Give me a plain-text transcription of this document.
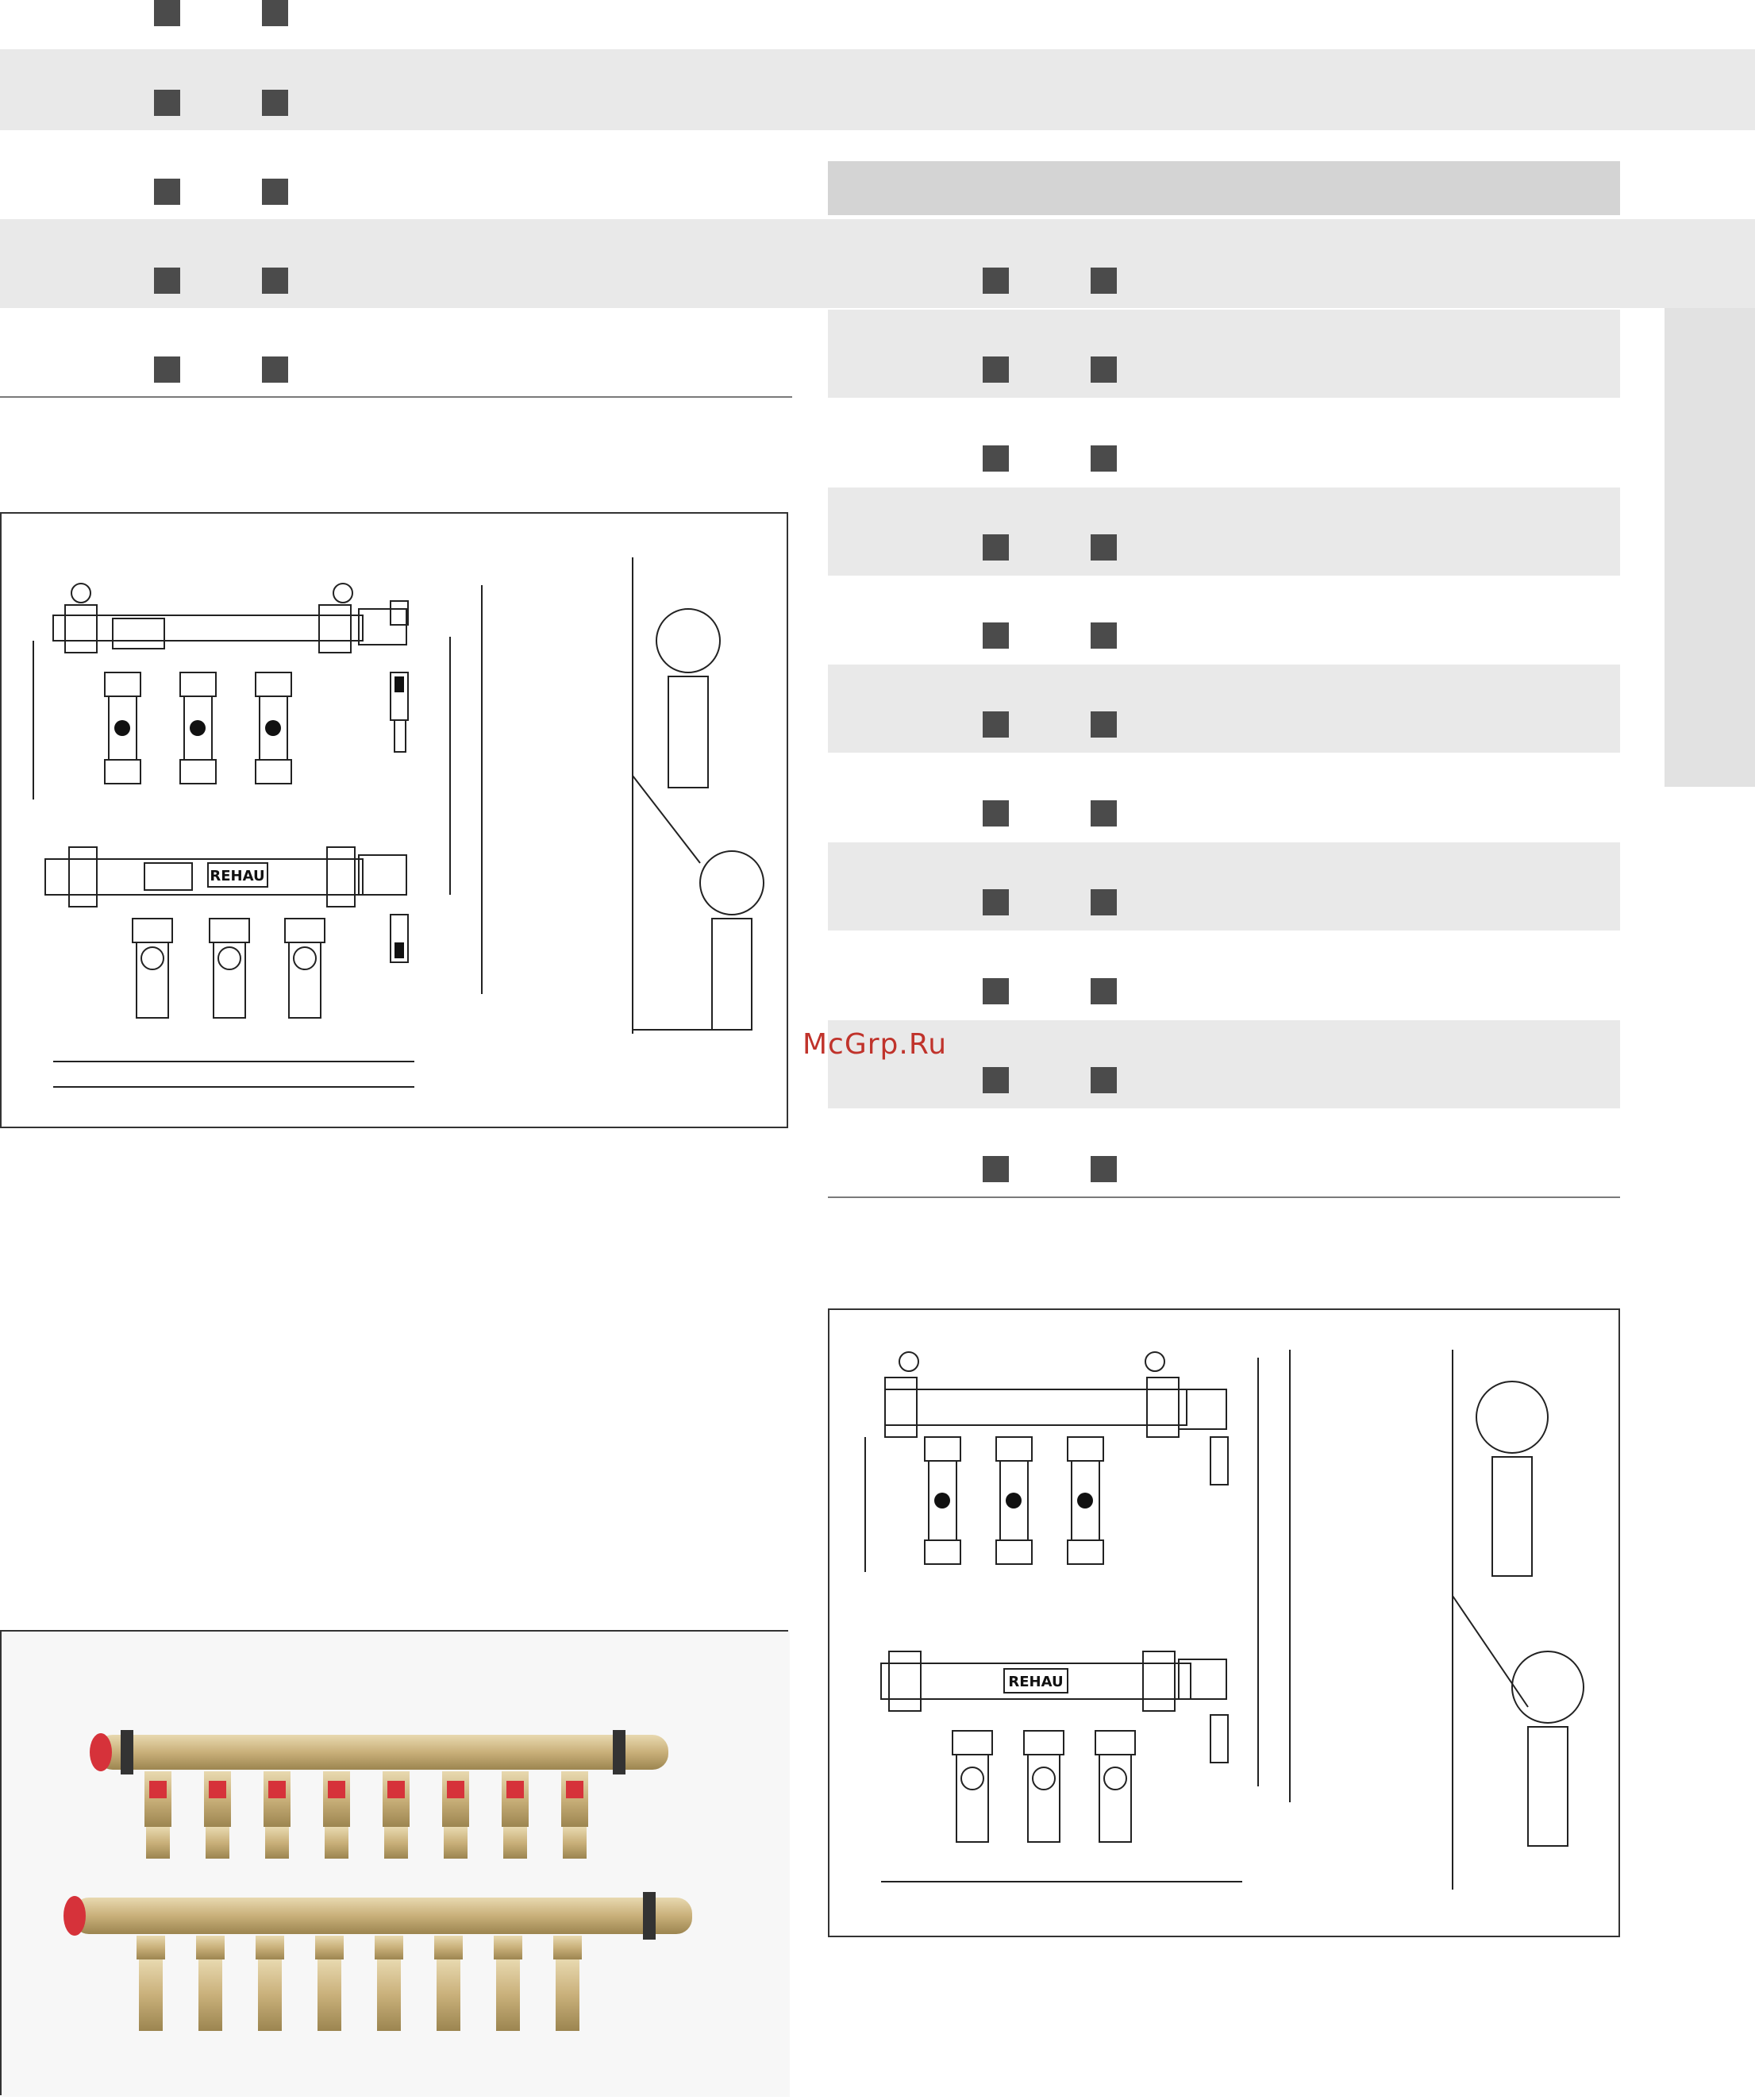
McGrp.Ru
REHAU
REHAU
